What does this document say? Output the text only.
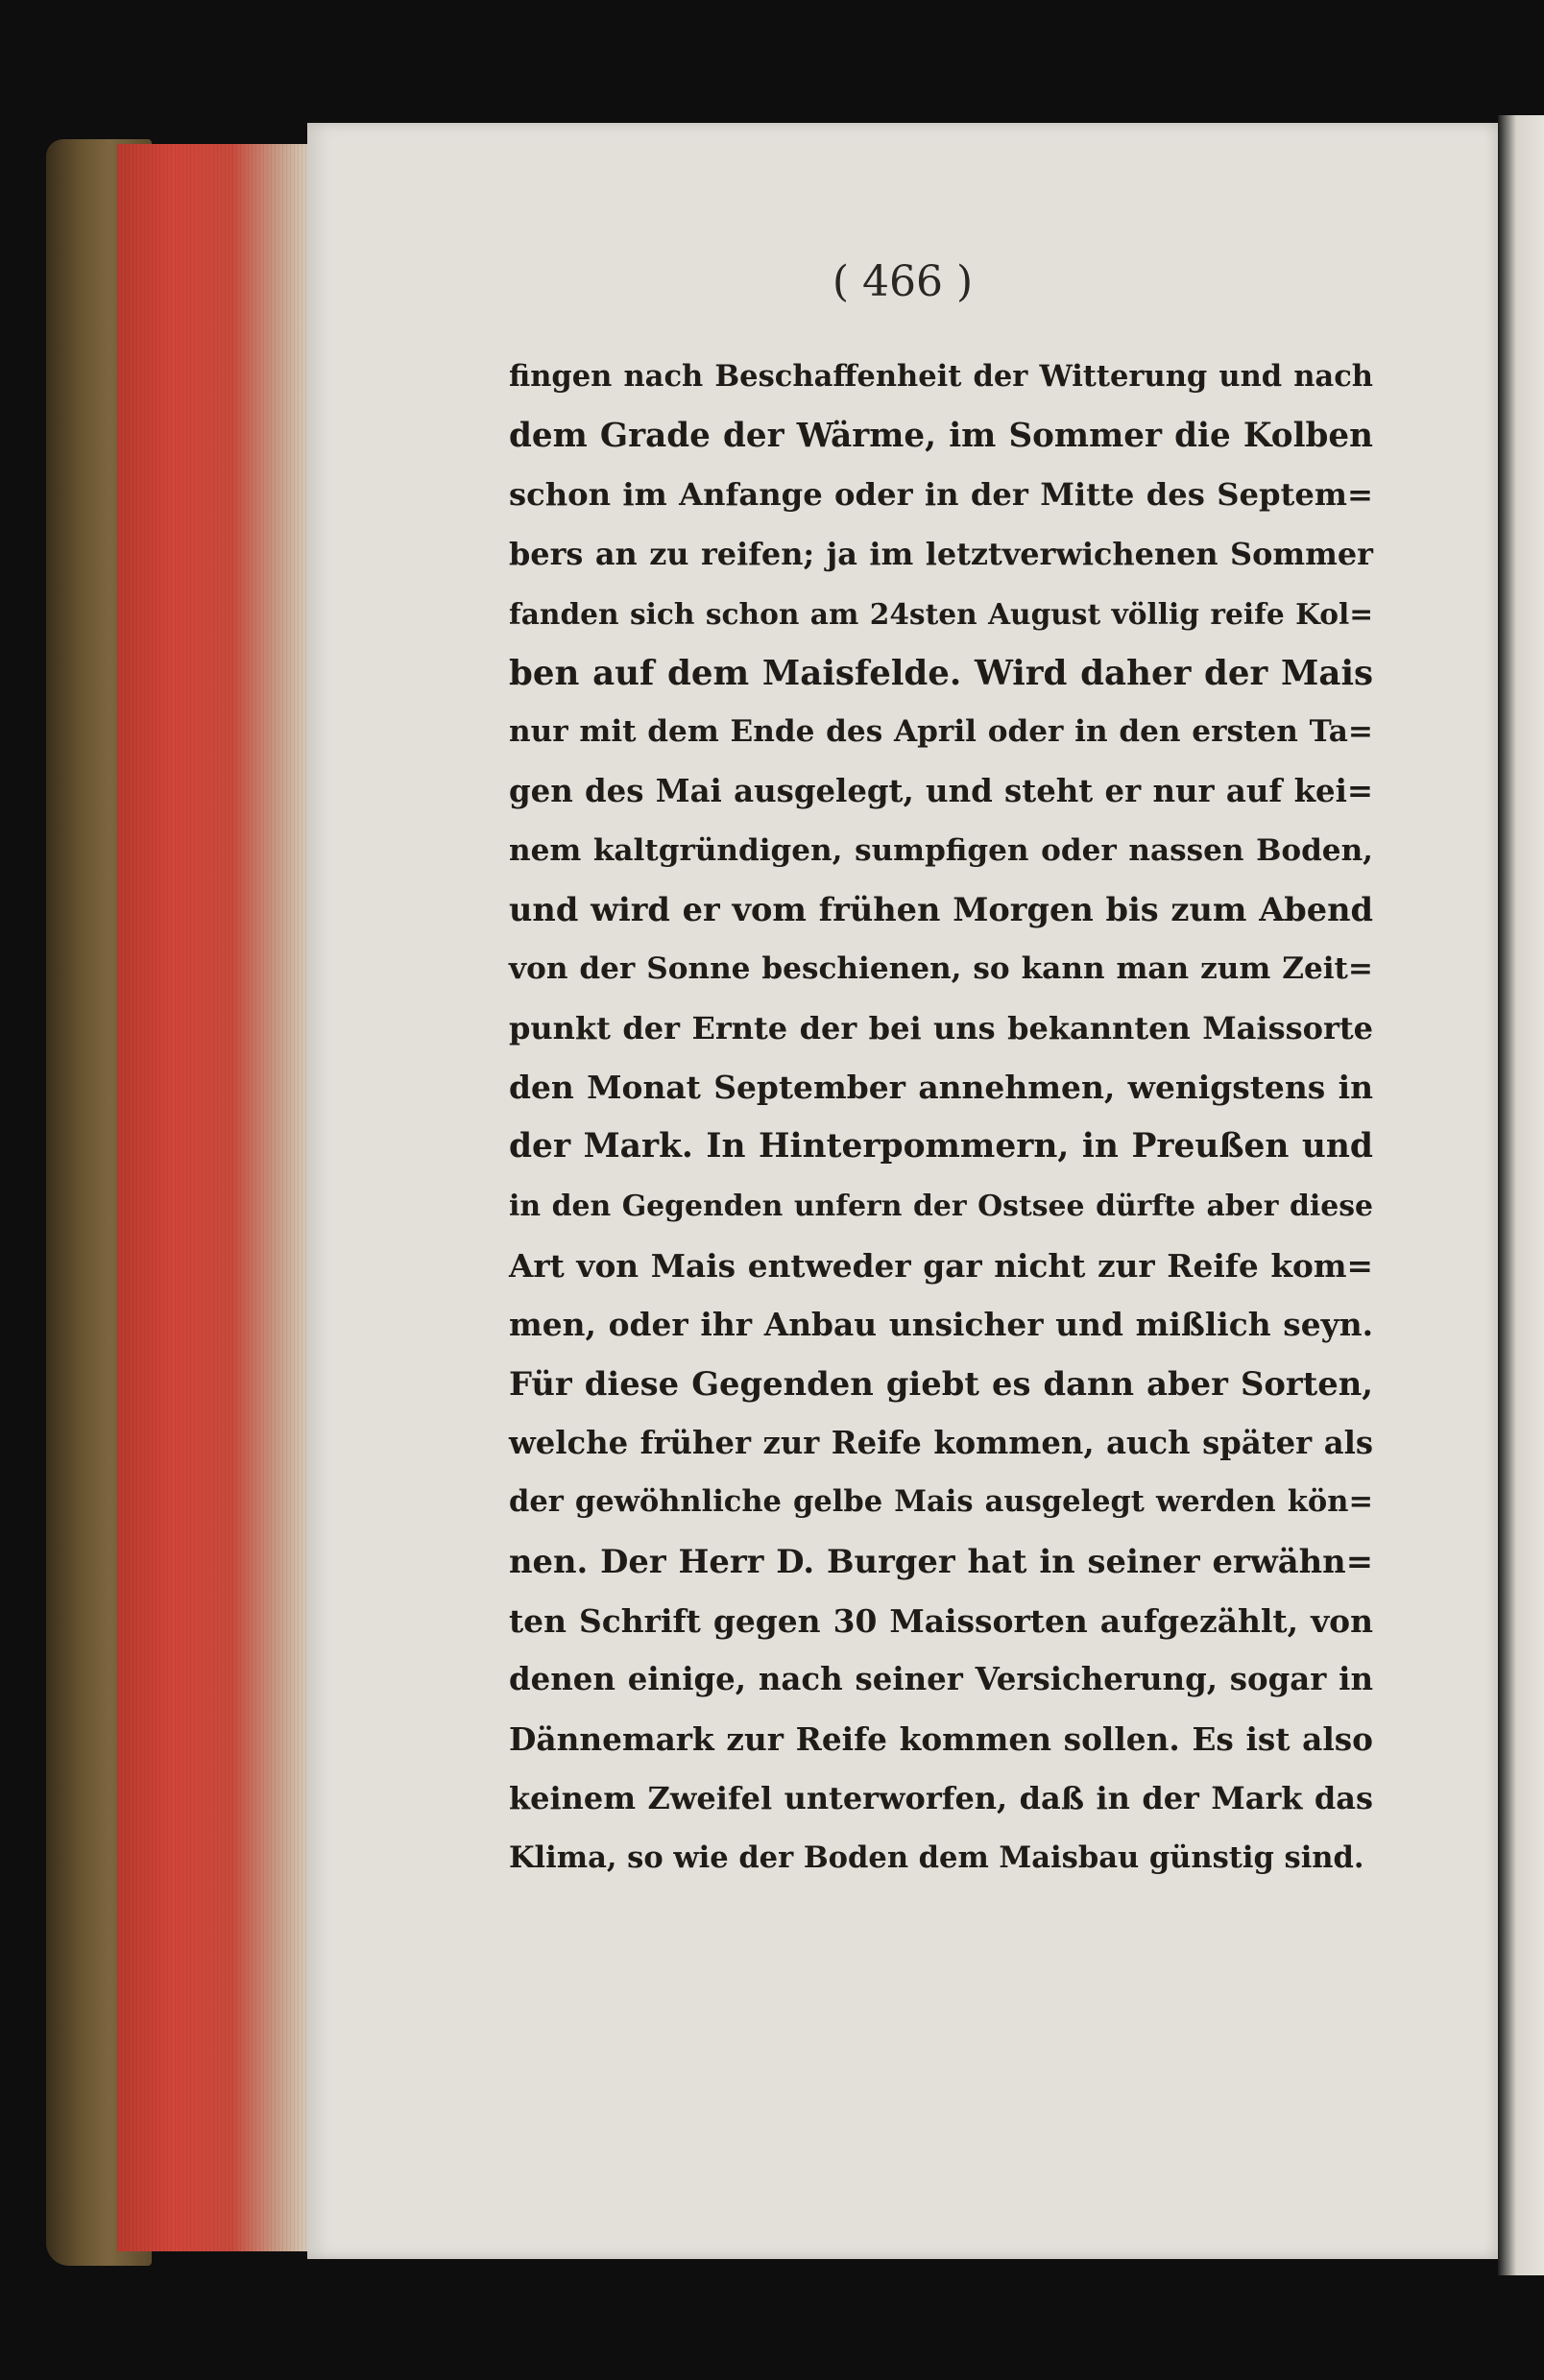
( 466 )
fingen nach Beschaffenheit der Witterung und nach
dem Grade der Wärme, im Sommer die Kolben
schon im Anfange oder in der Mitte des Septem=
bers an zu reifen; ja im letztverwichenen Sommer
fanden sich schon am 24sten August völlig reife Kol=
ben auf dem Maisfelde. Wird daher der Mais
nur mit dem Ende des April oder in den ersten Ta=
gen des Mai ausgelegt, und steht er nur auf kei=
nem kaltgründigen, sumpfigen oder nassen Boden,
und wird er vom frühen Morgen bis zum Abend
von der Sonne beschienen, so kann man zum Zeit=
punkt der Ernte der bei uns bekannten Maissorte
den Monat September annehmen, wenigstens in
der Mark. In Hinterpommern, in Preußen und
in den Gegenden unfern der Ostsee dürfte aber diese
Art von Mais entweder gar nicht zur Reife kom=
men, oder ihr Anbau unsicher und mißlich seyn.
Für diese Gegenden giebt es dann aber Sorten,
welche früher zur Reife kommen, auch später als
der gewöhnliche gelbe Mais ausgelegt werden kön=
nen. Der Herr D. Burger hat in seiner erwähn=
ten Schrift gegen 30 Maissorten aufgezählt, von
denen einige, nach seiner Versicherung, sogar in
Dännemark zur Reife kommen sollen. Es ist also
keinem Zweifel unterworfen, daß in der Mark das
Klima, so wie der Boden dem Maisbau günstig sind.
